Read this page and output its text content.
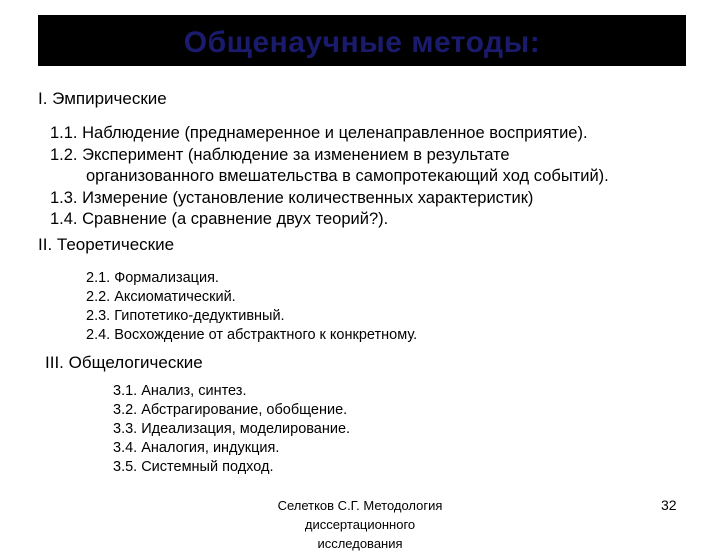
Общенаучные методы:
I. Эмпирические
1.1. Наблюдение (преднамеренное и целенаправленное восприятие).
1.2. Эксперимент (наблюдение за изменением в результате
организованного вмешательства в самопротекающий ход событий).
1.3. Измерение (установление количественных характеристик)
1.4. Сравнение (а сравнение двух теорий?).
II. Теоретические
2.1. Формализация.
2.2. Аксиоматический.
2.3. Гипотетико-дедуктивный.
2.4. Восхождение от абстрактного к конкретному.
III. Общелогические
3.1. Анализ, синтез.
3.2. Абстрагирование, обобщение.
3.3. Идеализация, моделирование.
3.4. Аналогия, индукция.
3.5. Системный подход.
Селетков С.Г. Методология
диссертационного
исследования
32
